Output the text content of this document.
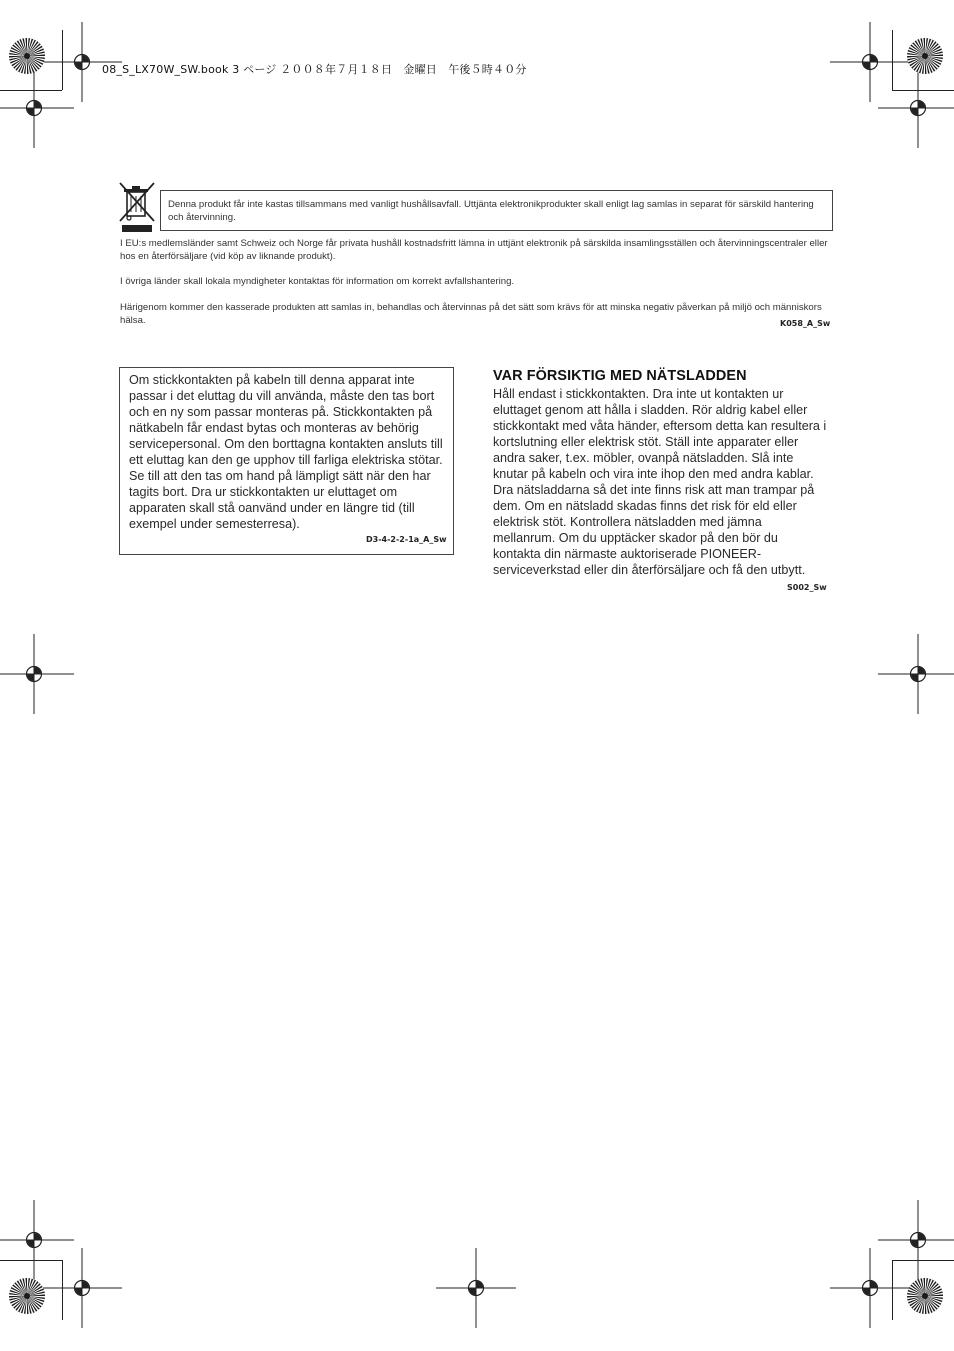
08_S_LX70W_SW.book 3 ページ ２００８年７月１８日　金曜日　午後５時４０分
Denna produkt får inte kastas tillsammans med vanligt hushållsavfall. Uttjänta elektronikprodukter skall enligt lag samlas in separat för särskild hantering och återvinning.
I EU:s medlemsländer samt Schweiz och Norge får privata hushåll kostnadsfritt lämna in uttjänt elektronik på särskilda insamlingsställen och återvinningscentraler eller hos en återförsäljare (vid köp av liknande produkt).
I övriga länder skall lokala myndigheter kontaktas för information om korrekt avfallshantering.
Härigenom kommer den kasserade produkten att samlas in, behandlas och återvinnas på det sätt som krävs för att minska negativ påverkan på miljö och människors hälsa.	K058_A_Sw
Om stickkontakten på kabeln till denna apparat inte passar i det eluttag du vill använda, måste den tas bort och en ny som passar monteras på. Stickkontakten på nätkabeln får endast bytas och monteras av behörig servicepersonal. Om den borttagna kontakten ansluts till ett eluttag kan den ge upphov till farliga elektriska stötar. Se till att den tas om hand på lämpligt sätt när den har tagits bort. Dra ur stickkontakten ur eluttaget om apparaten skall stå oanvänd under en längre tid (till exempel under semesterresa).
D3-4-2-2-1a_A_Sw
VAR FÖRSIKTIG MED NÄTSLADDEN
Håll endast i stickkontakten. Dra inte ut kontakten ur eluttaget genom att hålla i sladden. Rör aldrig kabel eller stickkontakt med våta händer, eftersom detta kan resultera i kortslutning eller elektrisk stöt. Ställ inte apparater eller andra saker, t.ex. möbler, ovanpå nätsladden. Slå inte knutar på kabeln och vira inte ihop den med andra kablar. Dra nätsladdarna så det inte finns risk att man trampar på dem. Om en nätsladd skadas finns det risk för eld eller elektrisk stöt. Kontrollera nätsladden med jämna mellanrum. Om du upptäcker skador på den bör du kontakta din närmaste auktoriserade PIONEER-serviceverkstad eller din återförsäljare och få den utbytt.
S002_Sw
